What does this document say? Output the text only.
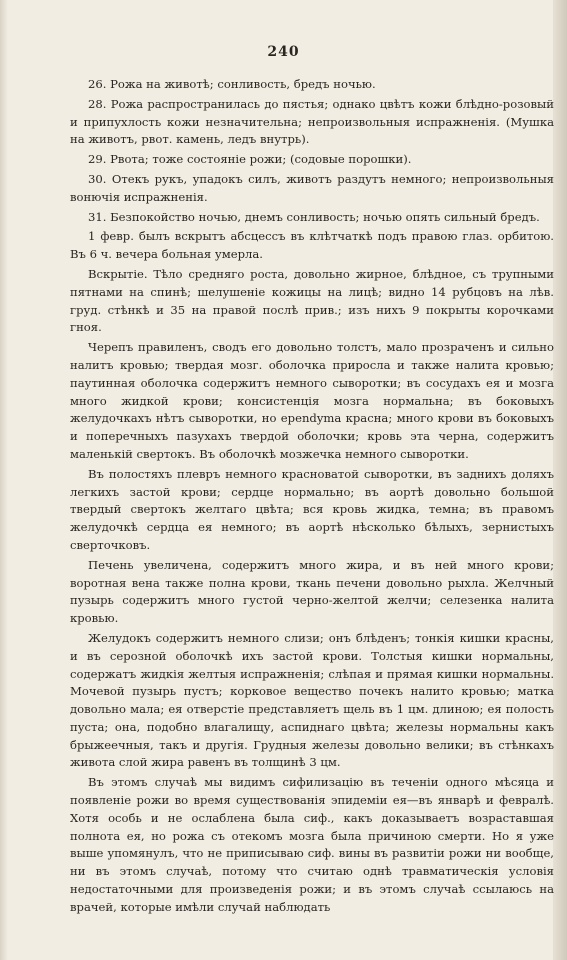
240

26. Рожа на животѣ; сонливость, бредъ ночью.

28. Рожа распространилась до пястья; однако цвѣтъ кожи блѣдно-розовый и припухлость кожи незначительна; непроизвольныя испражненія. (Мушка на животъ, рвот. камень, ледъ внутрь).

29. Рвота; тоже состояніе рожи; (содовые порошки).

30. Отекъ рукъ, упадокъ силъ, животъ раздутъ немного; непроизвольныя вонючія испражненія.

31. Безпокойство ночью, днемъ сонливость; ночью опять сильный бредъ.

1 февр. былъ вскрытъ абсцессъ въ клѣтчаткѣ подъ правою глаз. орбитою. Въ 6 ч. вечера больная умерла.

Вскрытіе. Тѣло средняго роста, довольно жирное, блѣдное, съ трупными пятнами на спинѣ; шелушеніе кожицы на лицѣ; видно 14 рубцовъ на лѣв. груд. стѣнкѣ и 35 на правой послѣ прив.; изъ нихъ 9 покрыты корочками гноя.

Черепъ правиленъ, сводъ его довольно толстъ, мало прозраченъ и сильно налитъ кровью; твердая мозг. оболочка приросла и также налита кровью; паутинная оболочка содержитъ немного сыворотки; въ сосудахъ ея и мозга много жидкой крови; консистенція мозга нормальна; въ боковыхъ желудочкахъ нѣтъ сыворотки, но ependyma красна; много крови въ боковыхъ и поперечныхъ пазухахъ твердой оболочки; кровь эта черна, содержитъ маленькій свертокъ. Въ оболочкѣ мозжечка немного сыворотки.

Въ полостяхъ плевръ немного красноватой сыворотки, въ заднихъ доляхъ легкихъ застой крови; сердце нормально; въ аортѣ довольно большой твердый свертокъ желтаго цвѣта; вся кровь жидка, темна; въ правомъ желудочкѣ сердца ея немного; въ аортѣ нѣсколько бѣлыхъ, зернистыхъ сверточковъ.

Печень увеличена, содержитъ много жира, и въ ней много крови; воротная вена также полна крови, ткань печени довольно рыхла. Желчный пузырь содержитъ много густой черно-желтой желчи; селезенка налита кровью.

Желудокъ содержитъ немного слизи; онъ блѣденъ; тонкія кишки красны, и въ серозной оболочкѣ ихъ застой крови. Толстыя кишки нормальны, содержатъ жидкія желтыя испражненія; слѣпая и прямая кишки нормальны. Мочевой пузырь пустъ; корковое вещество почекъ налито кровью; матка довольно мала; ея отверстіе представляетъ щель въ 1 цм. длиною; ея полость пуста; она, подобно влагалищу, аспиднаго цвѣта; железы нормальны какъ брыжеечныя, такъ и другія. Грудныя железы довольно велики; въ стѣнкахъ живота слой жира равенъ въ толщинѣ 3 цм.

Въ этомъ случаѣ мы видимъ сифилизацію въ теченіи одного мѣсяца и появленіе рожи во время существованія эпидеміи ея—въ январѣ и февралѣ. Хотя особь и не ослаблена была сиф., какъ доказываетъ возраставшая полнота ея, но рожа съ отекомъ мозга была причиною смерти. Но я уже выше упомянулъ, что не приписываю сиф. вины въ развитіи рожи ни вообще, ни въ этомъ случаѣ, потому что считаю однѣ травматическія условія недостаточными для произведенія рожи; и въ этомъ случаѣ ссылаюсь на врачей, которые имѣли случай наблюдать
